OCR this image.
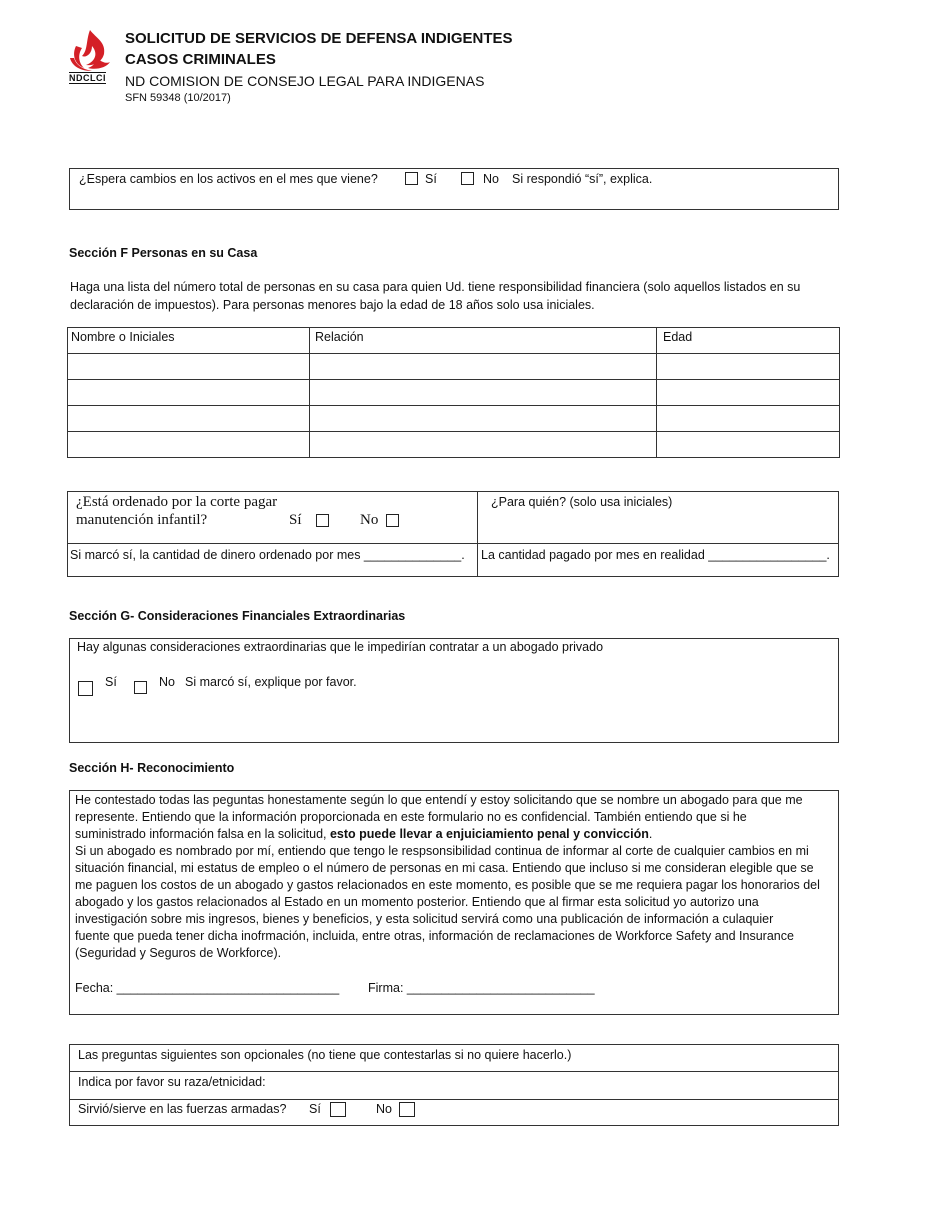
NDCLCI
SOLICITUD DE SERVICIOS DE DEFENSA INDIGENTES
CASOS CRIMINALES
ND COMISION DE CONSEJO LEGAL PARA INDIGENAS
SFN 59348 (10/2017)
¿Espera cambios en los activos en el mes que viene?	Sí	No Si respondió “sí”, explica.
Sección F Personas en su Casa
Haga una lista del número total de personas en su casa para quien Ud. tiene responsibilidad financiera (solo aquellos listados en su
declaración de impuestos). Para personas menores bajo la edad de 18 años solo usa iniciales.
Nombre o Iniciales	Relación	Edad

¿Está ordenado por la corte pagar
manutención infantil?	Sí	No
¿Para quién? (solo usa iniciales)
Si marcó sí, la cantidad de dinero ordenado por mes ______________. La cantidad pagado por mes en realidad _________________.
Sección G- Consideraciones Financiales Extraordinarias
Hay algunas consideraciones extraordinarias que le impedirían contratar a un abogado privado
Sí	No Si marcó sí, explique por favor.
Sección H- Reconocimiento
He contestado todas las peguntas honestamente según lo que entendí y estoy solicitando que se nombre un abogado para que me
represente. Entiendo que la información proporcionada en este formulario no es confidencial. También entiendo que si he
suministrado información falsa en la solicitud, esto puede llevar a enjuiciamiento penal y convicción.
Si un abogado es nombrado por mí, entiendo que tengo le respsonsibilidad continua de informar al corte de cualquier cambios en mi
situación financial, mi estatus de empleo o el número de personas en mi casa. Entiendo que incluso si me consideran elegible que se
me paguen los costos de un abogado y gastos relacionados en este momento, es posible que se me requiera pagar los honorarios del
abogado y los gastos relacionados al Estado en un momento posterior. Entiendo que al firmar esta solicitud yo autorizo una
investigación sobre mis ingresos, bienes y beneficios, y esta solicitud servirá como una publicación de información a culaquier
fuente que pueda tener dicha inofrmación, incluida, entre otras, información de reclamaciones de Workforce Safety and Insurance
(Seguridad y Seguros de Workforce).
Fecha: ________________________________ Firma: ___________________________
Las preguntas siguientes son opcionales (no tiene que contestarlas si no quiere hacerlo.)
Indica por favor su raza/etnicidad:
Sirvió/sierve en las fuerzas armadas? Sí	No
